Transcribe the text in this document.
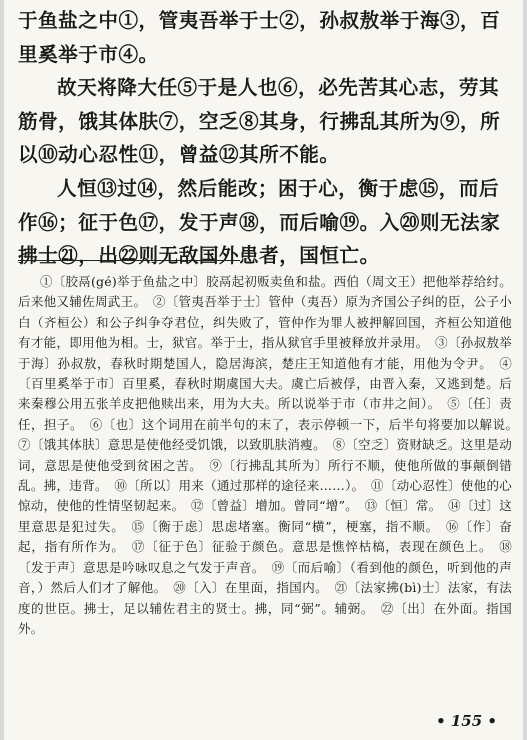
于鱼盐之中①，管夷吾举于士②，孙叔敖举于海③，百里奚举于市④。

故天将降大任⑤于是人也⑥，必先苦其心志，劳其筋骨，饿其体肤⑦，空乏⑧其身，行拂乱其所为⑨，所以⑩动心忍性⑪，曾益⑫其所不能。

人恒⑬过⑭，然后能改；困于心，衡于虑⑮，而后作⑯；征于色⑰，发于声⑱，而后喻⑲。入⑳则无法家拂士㉑，出㉒则无敌国外患者，国恒亡。

①〔胶鬲(gé)举于鱼盐之中〕胶鬲起初贩卖鱼和盐。西伯（周文王）把他举荐给纣。后来他又辅佐周武王。　②〔管夷吾举于士〕管仲（夷吾）原为齐国公子纠的臣，公子小白（齐桓公）和公子纠争夺君位，纠失败了，管仲作为罪人被押解回国，齐桓公知道他有才能，即用他为相。士，狱官。举于士，指从狱官手里被释放并录用。　③〔孙叔敖举于海〕孙叔敖，春秋时期楚国人，隐居海滨，楚庄王知道他有才能，用他为令尹。　④〔百里奚举于市〕百里奚，春秋时期虞国大夫。虞亡后被俘，由晋入秦，又逃到楚。后来秦穆公用五张羊皮把他赎出来，用为大夫。所以说举于市（市井之间）。　⑤〔任〕责任，担子。　⑥〔也〕这个词用在前半句的末了，表示停顿一下，后半句将要加以解说。　⑦〔饿其体肤〕意思是使他经受饥饿，以致肌肤消瘦。　⑧〔空乏〕资财缺乏。这里是动词，意思是使他受到贫困之苦。　⑨〔行拂乱其所为〕所行不顺，使他所做的事颠倒错乱。拂，违背。　⑩〔所以〕用来（通过那样的途径来……）。　⑪〔动心忍性〕使他的心惊动，使他的性情坚韧起来。　⑫〔曾益〕增加。曾同“增”。　⑬〔恒〕常。　⑭〔过〕这里意思是犯过失。　⑮〔衡于虑〕思虑堵塞。衡同“横”，梗塞，指不顺。　⑯〔作〕奋起，指有所作为。　⑰〔征于色〕征验于颜色。意思是憔悴枯槁，表现在颜色上。　⑱〔发于声〕意思是吟咏叹息之气发于声音。　⑲〔而后喻〕（看到他的颜色，听到他的声音，）然后人们才了解他。　⑳〔入〕在里面，指国内。　㉑〔法家拂(bì)士〕法家，有法度的世臣。拂士，足以辅佐君主的贤士。拂，同“弼”。辅弼。　㉒〔出〕在外面。指国外。

• 155 •
